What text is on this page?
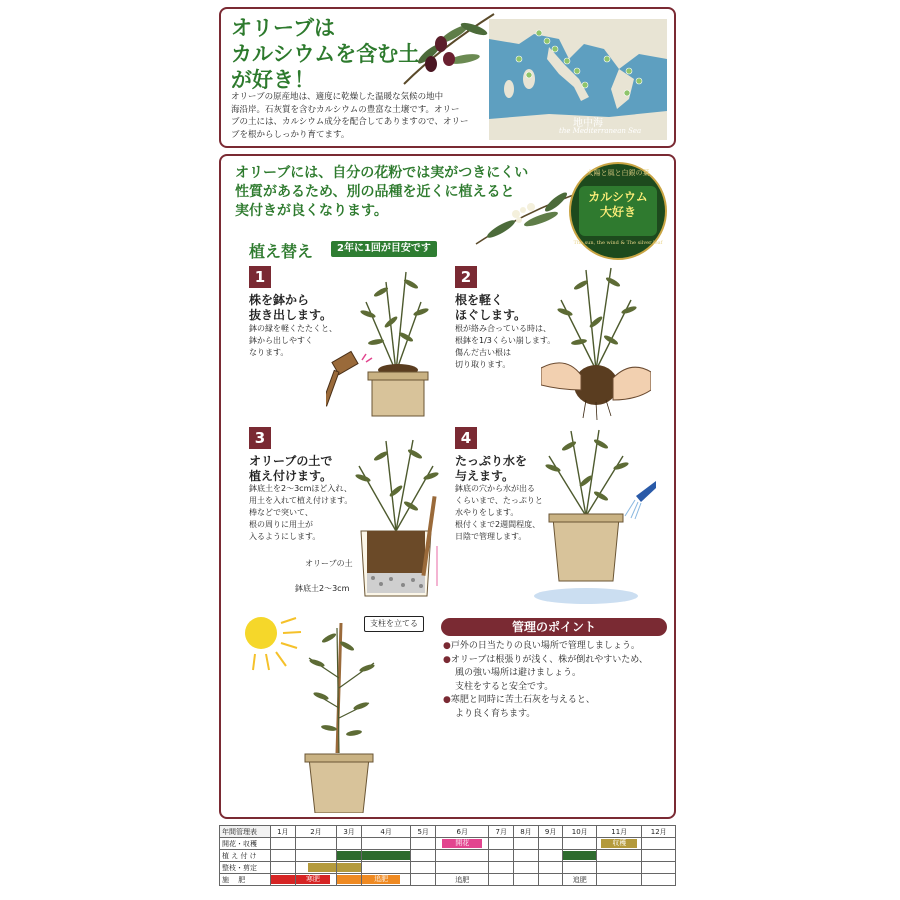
オリーブは
カルシウムを含む土
が好き！
地中海
the Mediterranean Sea
オリーブの原産地は、適度に乾燥した温暖な気候の地中
海沿岸。石灰質を含むカルシウムの豊富な土壌です。オリー
ブの土には、カルシウム成分を配合してありますので、オリー
ブを根からしっかり育てます。
オリーブには、自分の花粉では実がつきにくい
性質があるため、別の品種を近くに植えると
実付きが良くなります。
太陽と風と白銀の葉
カルシウム
大好き
The sun, the wind & The silver leaf
植え替え	2年に1回が目安です
1
株を鉢から
抜き出します。
鉢の縁を軽くたたくと、
鉢から出しやすく
なります。
2
根を軽く
ほぐします。
根が絡み合っている時は、
根鉢を1/3くらい崩します。
傷んだ古い根は
切り取ります。
3
オリーブの土で
植え付けます。
鉢底土を2～3cmほど入れ、
用土を入れて植え付けます。
棒などで突いて、
根の周りに用土が
入るようにします。
オリーブの土
鉢底土2～3cm
4
たっぷり水を
与えます。
鉢底の穴から水が出る
くらいまで、たっぷりと
水やりをします。
根付くまで2週間程度、
日陰で管理します。
支柱を立てる	管理のポイント
●戸外の日当たりの良い場所で管理しましょう。
●オリーブは根張りが浅く、株が倒れやすいため、
風の強い場所は避けましょう。
支柱をすると安全です。
●寒肥と同時に苦土石灰を与えると、
より良く育ちます。
年間管理表	1月	2月	3月	4月	5月	6月	7月	8月	9月	10月	11月	12月
開花・収穫						開花					収穫	

植 え 付 け			

整枝・剪定		

施　 肥		寒肥		追肥		追肥				追肥		
